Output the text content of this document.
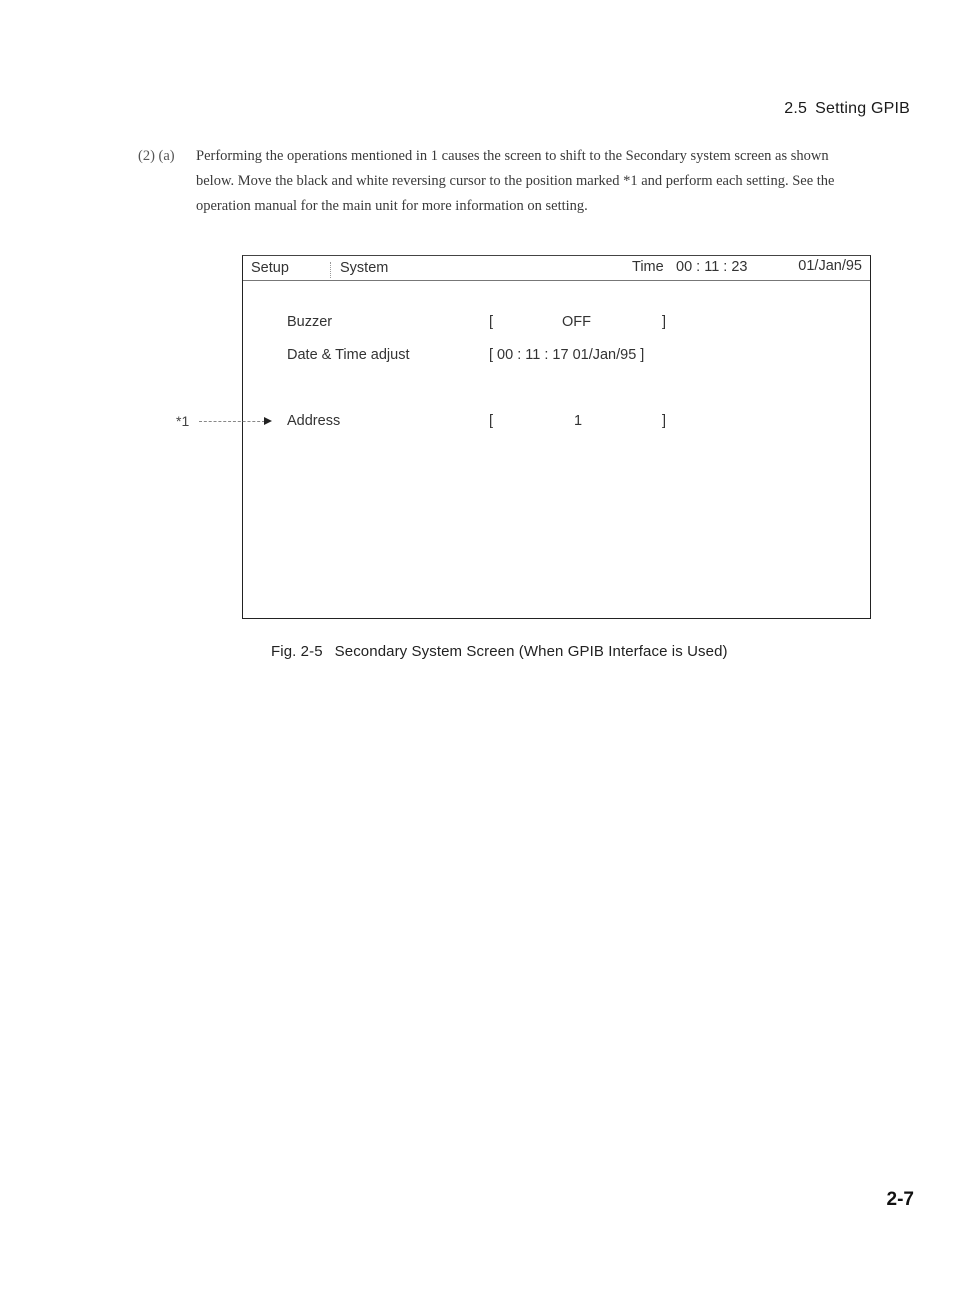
2.5 Setting GPIB
(2) (a) Performing the operations mentioned in 1 causes the screen to shift to the Secondary system screen as shown
below. Move the black and white reversing cursor to the position marked *1 and perform each setting. See the
operation manual for the main unit for more information on setting.
Setup	System	Time 00 : 11 : 23	01/Jan/95
Buzzer	[	OFF	]
Date & Time adjust	[ 00 : 11 : 17 01/Jan/95 ]
Address	[	1	]
*1
Fig. 2-5 Secondary System Screen (When GPIB Interface is Used)
2-7
